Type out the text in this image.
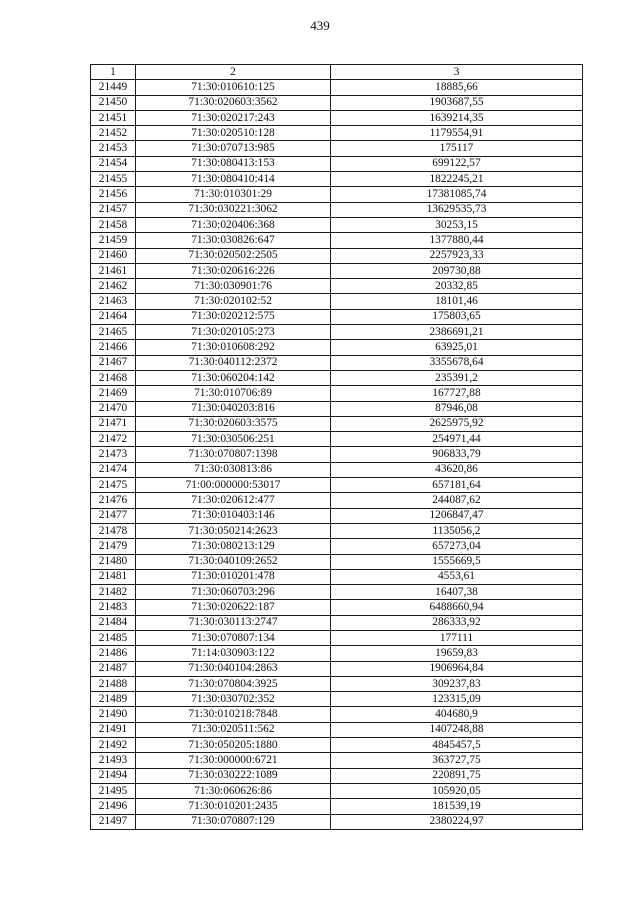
439
1	2	3
21449	71:30:010610:125	18885,66
21450	71:30:020603:3562	1903687,55
21451	71:30:020217:243	1639214,35
21452	71:30:020510:128	1179554,91
21453	71:30:070713:985	175117
21454	71:30:080413:153	699122,57
21455	71:30:080410:414	1822245,21
21456	71:30:010301:29	17381085,74
21457	71:30:030221:3062	13629535,73
21458	71:30:020406:368	30253,15
21459	71:30:030826:647	1377880,44
21460	71:30:020502:2505	2257923,33
21461	71:30:020616:226	209730,88
21462	71:30:030901:76	20332,85
21463	71:30:020102:52	18101,46
21464	71:30:020212:575	175803,65
21465	71:30:020105:273	2386691,21
21466	71:30:010608:292	63925,01
21467	71:30:040112:2372	3355678,64
21468	71:30:060204:142	235391,2
21469	71:30:010706:89	167727,88
21470	71:30:040203:816	87946,08
21471	71:30:020603:3575	2625975,92
21472	71:30:030506:251	254971,44
21473	71:30:070807:1398	906833,79
21474	71:30:030813:86	43620,86
21475	71:00:000000:53017	657181,64
21476	71:30:020612:477	244087,62
21477	71:30:010403:146	1206847,47
21478	71:30:050214:2623	1135056,2
21479	71:30:080213:129	657273,04
21480	71:30:040109:2652	1555669,5
21481	71:30:010201:478	4553,61
21482	71:30:060703:296	16407,38
21483	71:30:020622:187	6488660,94
21484	71:30:030113:2747	286333,92
21485	71:30:070807:134	177111
21486	71:14:030903:122	19659,83
21487	71:30:040104:2863	1906964,84
21488	71:30:070804:3925	309237,83
21489	71:30:030702:352	123315,09
21490	71:30:010218:7848	404680,9
21491	71:30:020511:562	1407248,88
21492	71:30:050205:1880	4845457,5
21493	71:30:000000:6721	363727,75
21494	71:30:030222:1089	220891,75
21495	71:30:060626:86	105920,05
21496	71:30:010201:2435	181539,19
21497	71:30:070807:129	2380224,97
